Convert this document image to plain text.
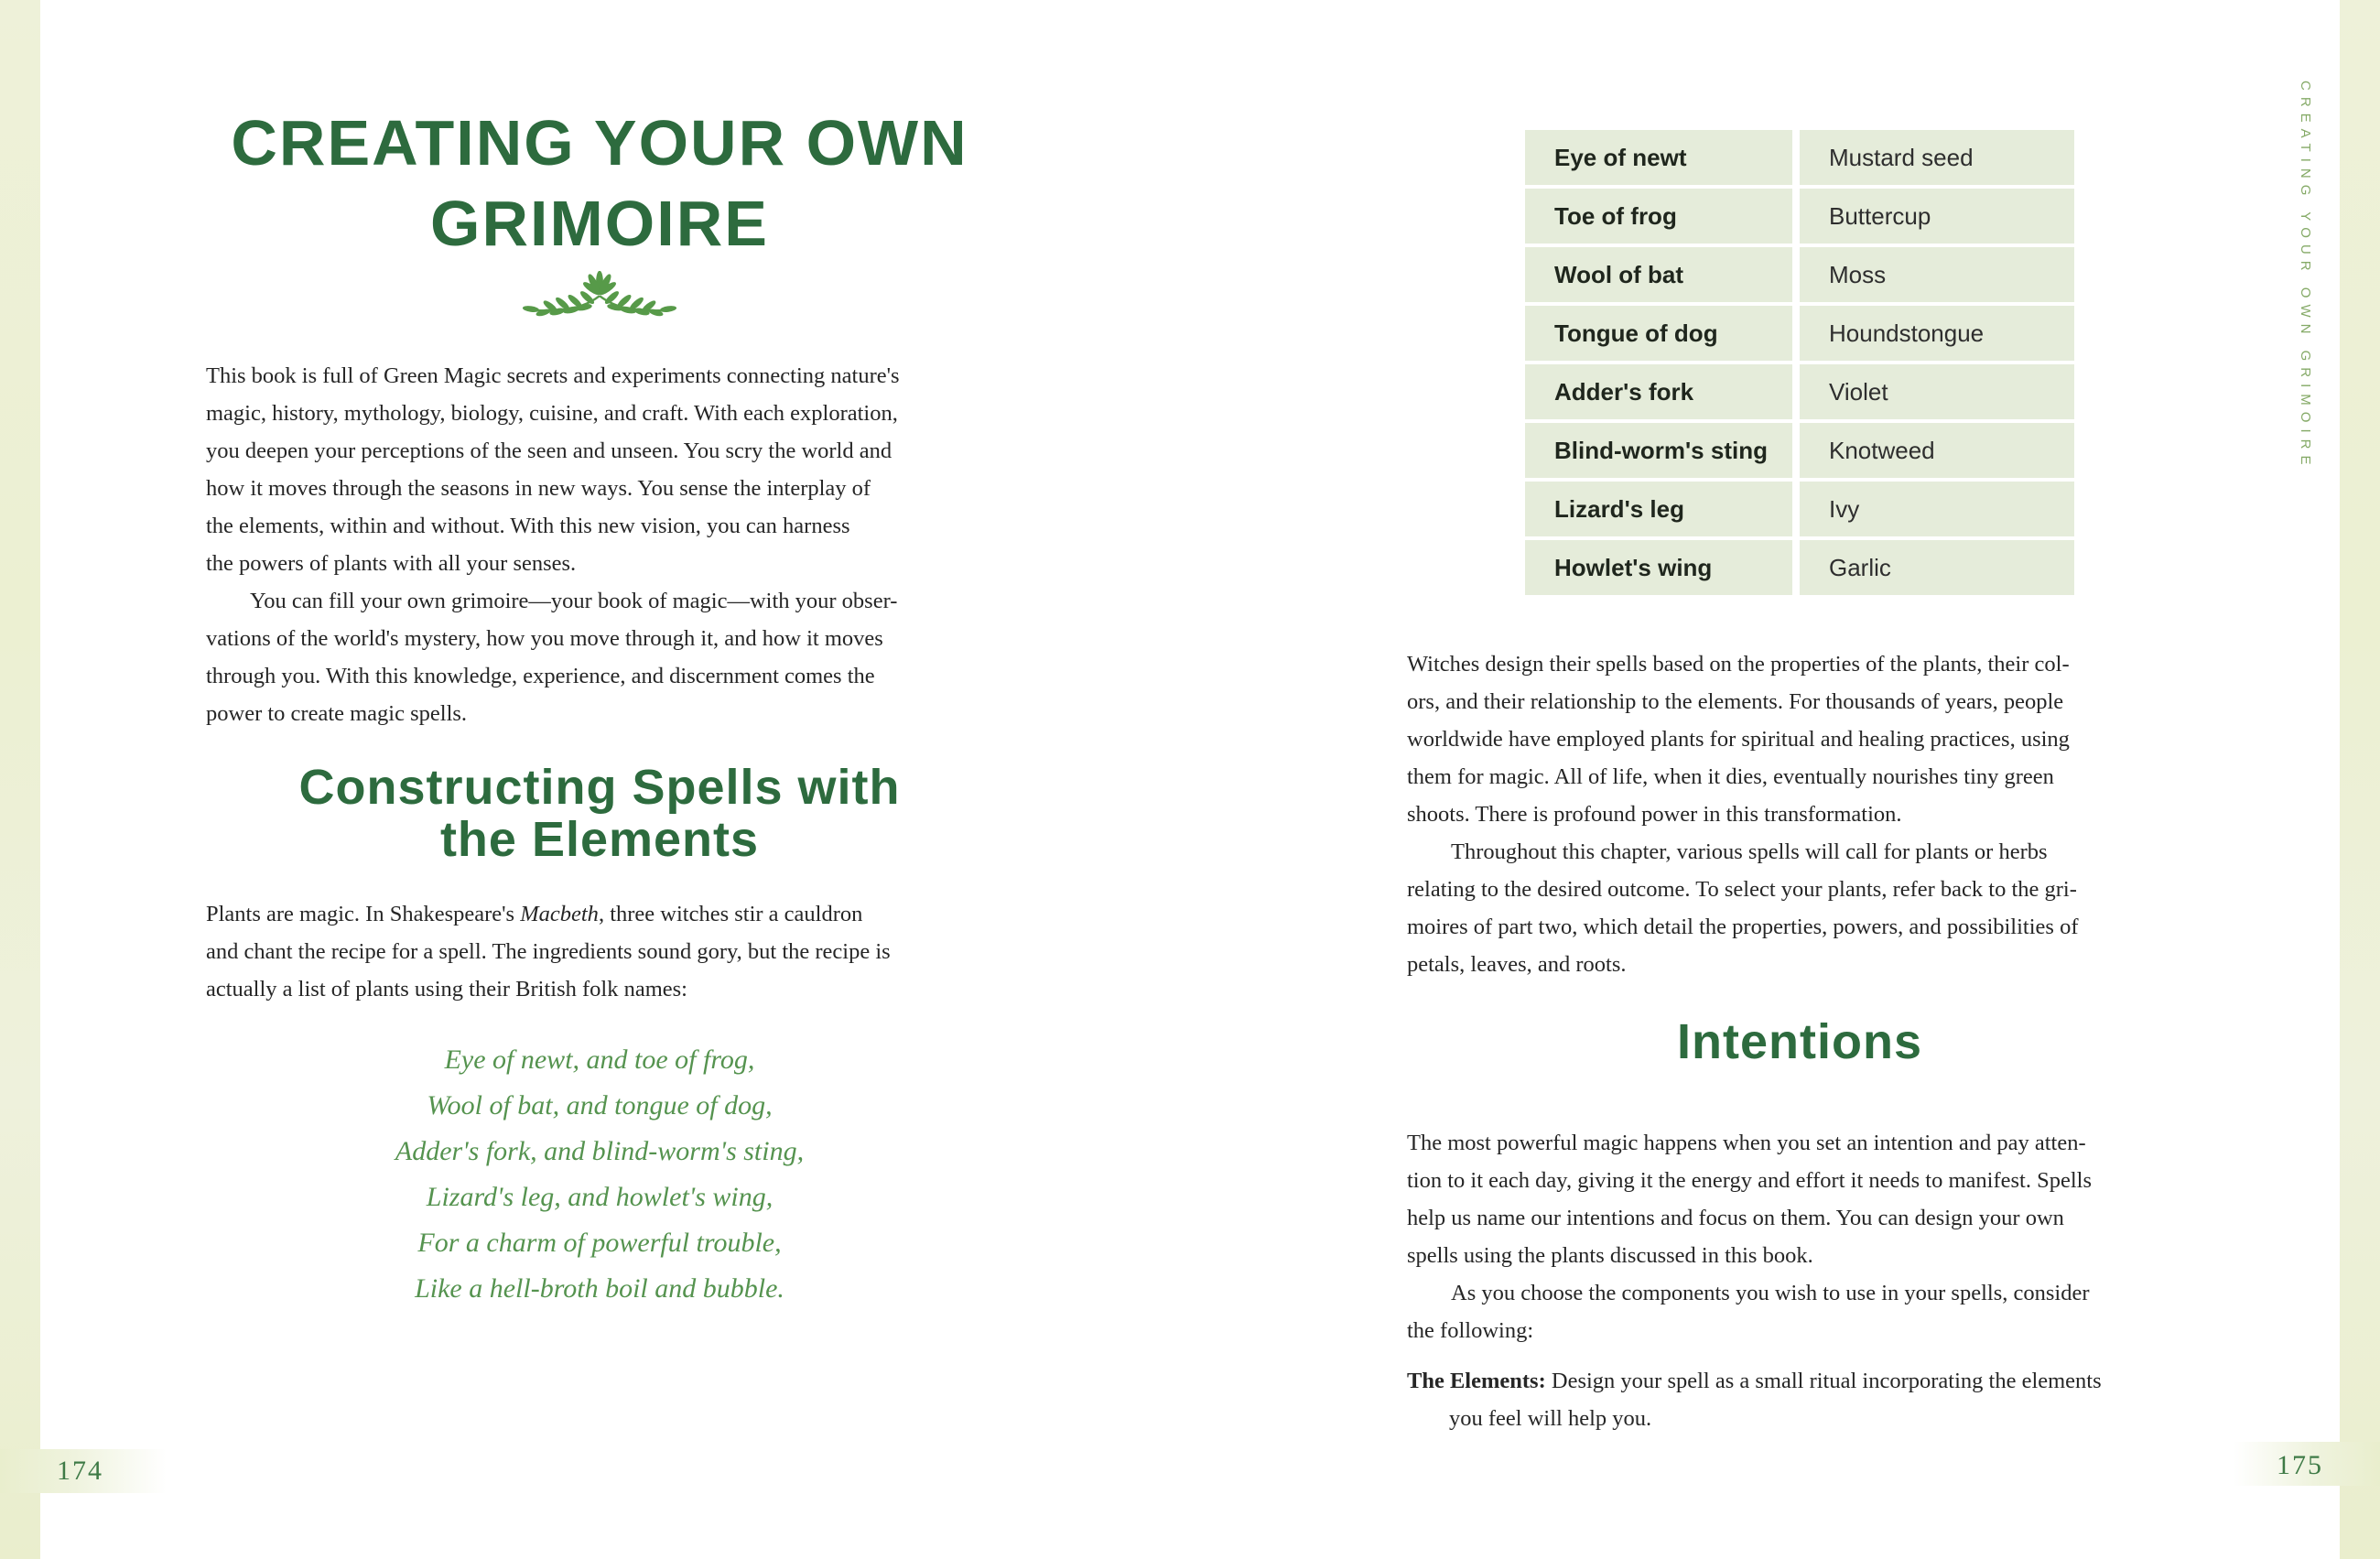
CREATING YOUR OWN
GRIMOIRE
This book is full of Green Magic secrets and experiments connecting nature's
magic, history, mythology, biology, cuisine, and craft. With each exploration,
you deepen your perceptions of the seen and unseen. You scry the world and
how it moves through the seasons in new ways. You sense the interplay of
the elements, within and without. With this new vision, you can harness
the powers of plants with all your senses.
You can fill your own grimoire—your book of magic—with your obser-
vations of the world's mystery, how you move through it, and how it moves
through you. With this knowledge, experience, and discernment comes the
power to create magic spells.
Constructing Spells with
the Elements
Plants are magic. In Shakespeare's Macbeth, three witches stir a cauldron
and chant the recipe for a spell. The ingredients sound gory, but the recipe is
actually a list of plants using their British folk names:
Eye of newt, and toe of frog,
Wool of bat, and tongue of dog,
Adder's fork, and blind-worm's sting,
Lizard's leg, and howlet's wing,
For a charm of powerful trouble,
Like a hell-broth boil and bubble.
Eye of newt	Mustard seed
Toe of frog	Buttercup
Wool of bat	Moss
Tongue of dog	Houndstongue
Adder's fork	Violet
Blind-worm's sting	Knotweed
Lizard's leg	Ivy
Howlet's wing	Garlic
Witches design their spells based on the properties of the plants, their col-
ors, and their relationship to the elements. For thousands of years, people
worldwide have employed plants for spiritual and healing practices, using
them for magic. All of life, when it dies, eventually nourishes tiny green
shoots. There is profound power in this transformation.
Throughout this chapter, various spells will call for plants or herbs
relating to the desired outcome. To select your plants, refer back to the gri-
moires of part two, which detail the properties, powers, and possibilities of
petals, leaves, and roots.
Intentions
The most powerful magic happens when you set an intention and pay atten-
tion to it each day, giving it the energy and effort it needs to manifest. Spells
help us name our intentions and focus on them. You can design your own
spells using the plants discussed in this book.
As you choose the components you wish to use in your spells, consider
the following:
The Elements: Design your spell as a small ritual incorporating the elements
you feel will help you.
CREATING YOUR OWN GRIMOIRE
174	175
